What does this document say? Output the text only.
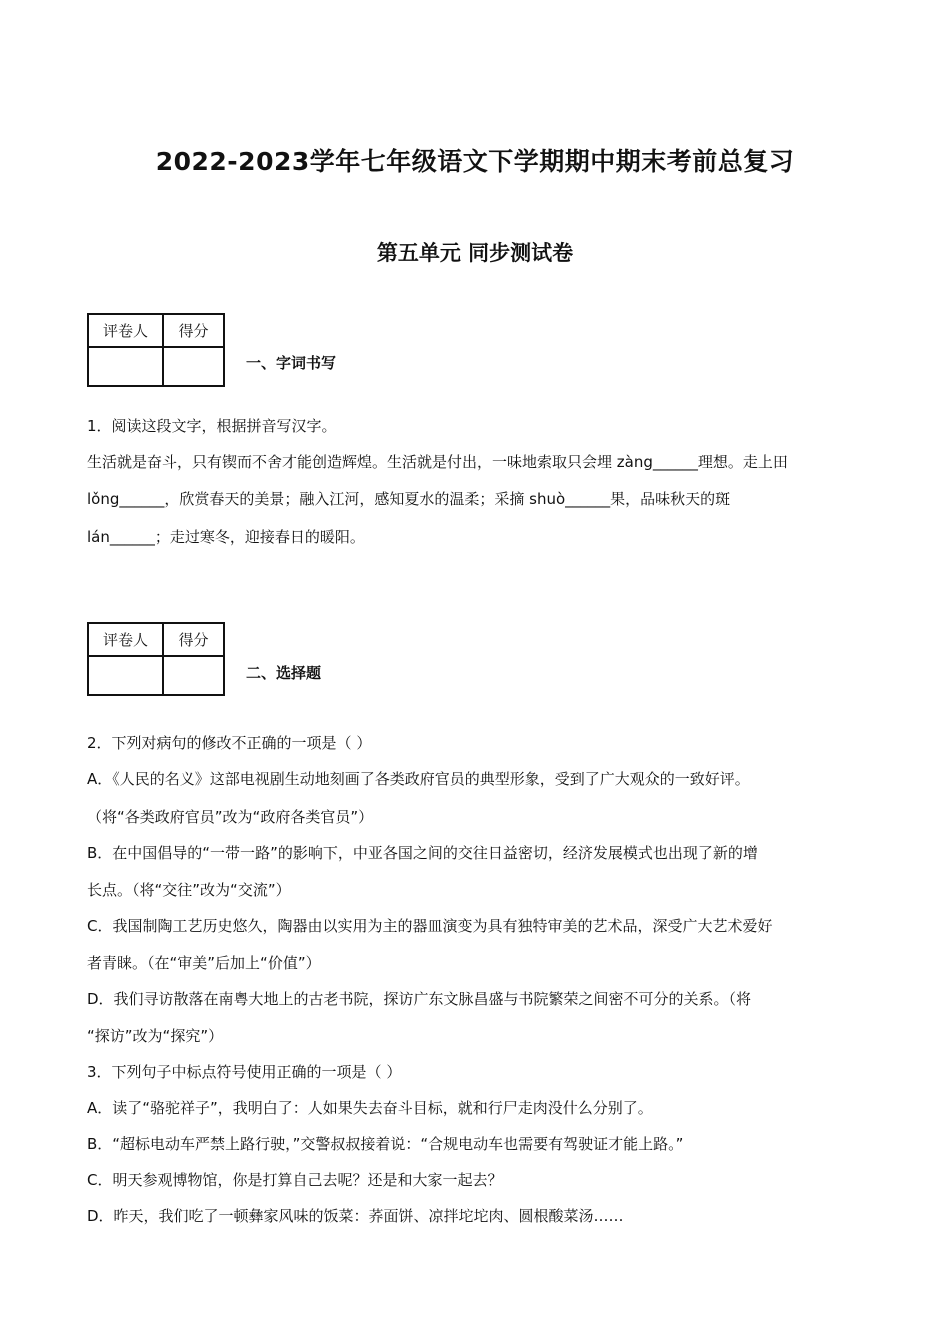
2022-2023学年七年级语文下学期期中期末考前总复习
第五单元 同步测试卷
评卷人	得分

一、字词书写
1．阅读这段文字，根据拼音写汉字。
生活就是奋斗，只有锲而不舍才能创造辉煌。生活就是付出，一味地索取只会埋 zàng______理想。走上田
lǒng______，欣赏春天的美景；融入江河，感知夏水的温柔；采摘 shuò______果，品味秋天的斑
lán______；走过寒冬，迎接春日的暖阳。
评卷人	得分

二、选择题
2．下列对病句的修改不正确的一项是（ ）
A．《人民的名义》这部电视剧生动地刻画了各类政府官员的典型形象，受到了广大观众的一致好评。
（将“各类政府官员”改为“政府各类官员”）
B．在中国倡导的“一带一路”的影响下，中亚各国之间的交往日益密切，经济发展模式也出现了新的增
长点。（将“交往”改为“交流”）
C．我国制陶工艺历史悠久，陶器由以实用为主的器皿演变为具有独特审美的艺术品，深受广大艺术爱好
者青睐。（在“审美”后加上“价值”）
D．我们寻访散落在南粤大地上的古老书院，探访广东文脉昌盛与书院繁荣之间密不可分的关系。（将
“探访”改为“探究”）
3．下列句子中标点符号使用正确的一项是（ ）
A．读了“骆驼祥子”，我明白了：人如果失去奋斗目标，就和行尸走肉没什么分别了。
B．“超标电动车严禁上路行驶，”交警叔叔接着说：“合规电动车也需要有驾驶证才能上路。”
C．明天参观博物馆，你是打算自己去呢？还是和大家一起去？
D．昨天，我们吃了一顿彝家风味的饭菜：荞面饼、凉拌坨坨肉、圆根酸菜汤……
